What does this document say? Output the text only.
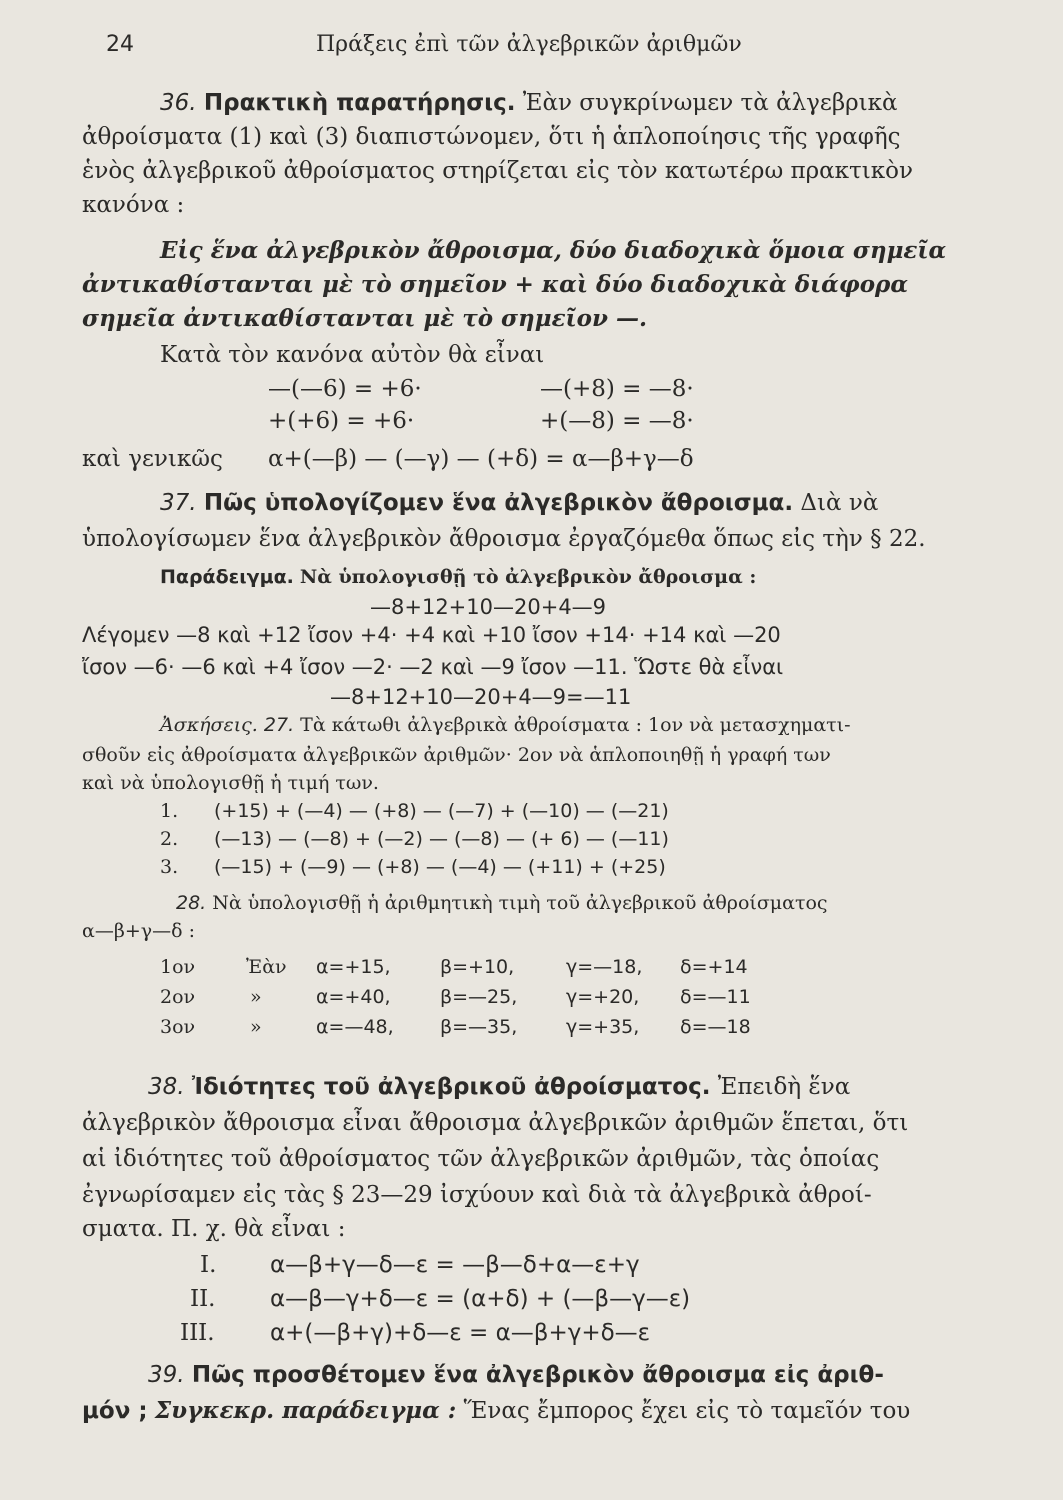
24	Πράξεις ἐπὶ τῶν ἀλγεβρικῶν ἀριθμῶν
36. Πρακτικὴ παρατήρησις. Ἐὰν συγκρίνωμεν τὰ ἀλγεβρικὰ
ἀθροίσματα (1) καὶ (3) διαπιστώνομεν, ὅτι ἡ ἁπλοποίησις τῆς γραφῆς
ἑνὸς ἀλγεβρικοῦ ἀθροίσματος στηρίζεται εἰς τὸν κατωτέρω πρακτικὸν
κανόνα :
Εἰς ἕνα ἀλγεβρικὸν ἄθροισμα, δύο διαδοχικὰ ὅμοια σημεῖα
ἀντικαθίστανται μὲ τὸ σημεῖον + καὶ δύο διαδοχικὰ διάφορα
σημεῖα ἀντικαθίστανται μὲ τὸ σημεῖον —.
Κατὰ τὸν κανόνα αὐτὸν θὰ εἶναι
—(—6) = +6·	—(+8) = —8·
+(+6) = +6·	+(—8) = —8·
καὶ γενικῶς α+(—β) — (—γ) — (+δ) = α—β+γ—δ
37. Πῶς ὑπολογίζομεν ἕνα ἀλγεβρικὸν ἄθροισμα. Διὰ νὰ
ὑπολογίσωμεν ἕνα ἀλγεβρικὸν ἄθροισμα ἐργαζόμεθα ὅπως εἰς τὴν § 22.
Παράδειγμα. Νὰ ὑπολογισθῇ τὸ ἀλγεβρικὸν ἄθροισμα :
—8+12+10—20+4—9
Λέγομεν —8 καὶ +12 ἴσον +4· +4 καὶ +10 ἴσον +14· +14 καὶ —20
ἴσον —6· —6 καὶ +4 ἴσον —2· —2 καὶ —9 ἴσον —11. Ὥστε θὰ εἶναι
—8+12+10—20+4—9=—11
Ἀσκήσεις. 27. Τὰ κάτωθι ἀλγεβρικὰ ἀθροίσματα : 1ον νὰ μετασχηματι-
σθοῦν εἰς ἀθροίσματα ἀλγεβρικῶν ἀριθμῶν· 2ον νὰ ἁπλοποιηθῇ ἡ γραφή των
καὶ νὰ ὑπολογισθῇ ἡ τιμή των.
1. (+15) + (—4) — (+8) — (—7) + (—10) — (—21)
2. (—13) — (—8) + (—2) — (—8) — (+ 6) — (—11)
3. (—15) + (—9) — (+8) — (—4) — (+11) + (+25)
28. Νὰ ὑπολογισθῇ ἡ ἀριθμητικὴ τιμὴ τοῦ ἀλγεβρικοῦ ἀθροίσματος
α—β+γ—δ :
1ον	Ἐὰν α=+15,	β=+10,	γ=—18, δ=+14
2ον	»	α=+40,	β=—25,	γ=+20, δ=—11
3ον	»	α=—48, β=—35,	γ=+35, δ=—18
38. Ἰδιότητες τοῦ ἀλγεβρικοῦ ἀθροίσματος. Ἐπειδὴ ἕνα
ἀλγεβρικὸν ἄθροισμα εἶναι ἄθροισμα ἀλγεβρικῶν ἀριθμῶν ἕπεται, ὅτι
αἱ ἰδιότητες τοῦ ἀθροίσματος τῶν ἀλγεβρικῶν ἀριθμῶν, τὰς ὁποίας
ἐγνωρίσαμεν εἰς τὰς § 23—29 ἰσχύουν καὶ διὰ τὰ ἀλγεβρικὰ ἀθροί-
σματα. Π. χ. θὰ εἶναι :
I. α—β+γ—δ—ε = —β—δ+α—ε+γ
II. α—β—γ+δ—ε = (α+δ) + (—β—γ—ε)
III. α+(—β+γ)+δ—ε = α—β+γ+δ—ε
39. Πῶς προσθέτομεν ἕνα ἀλγεβρικὸν ἄθροισμα εἰς ἀριθ-
μόν ; Συγκεκρ. παράδειγμα : Ἕνας ἔμπορος ἔχει εἰς τὸ ταμεῖόν του
